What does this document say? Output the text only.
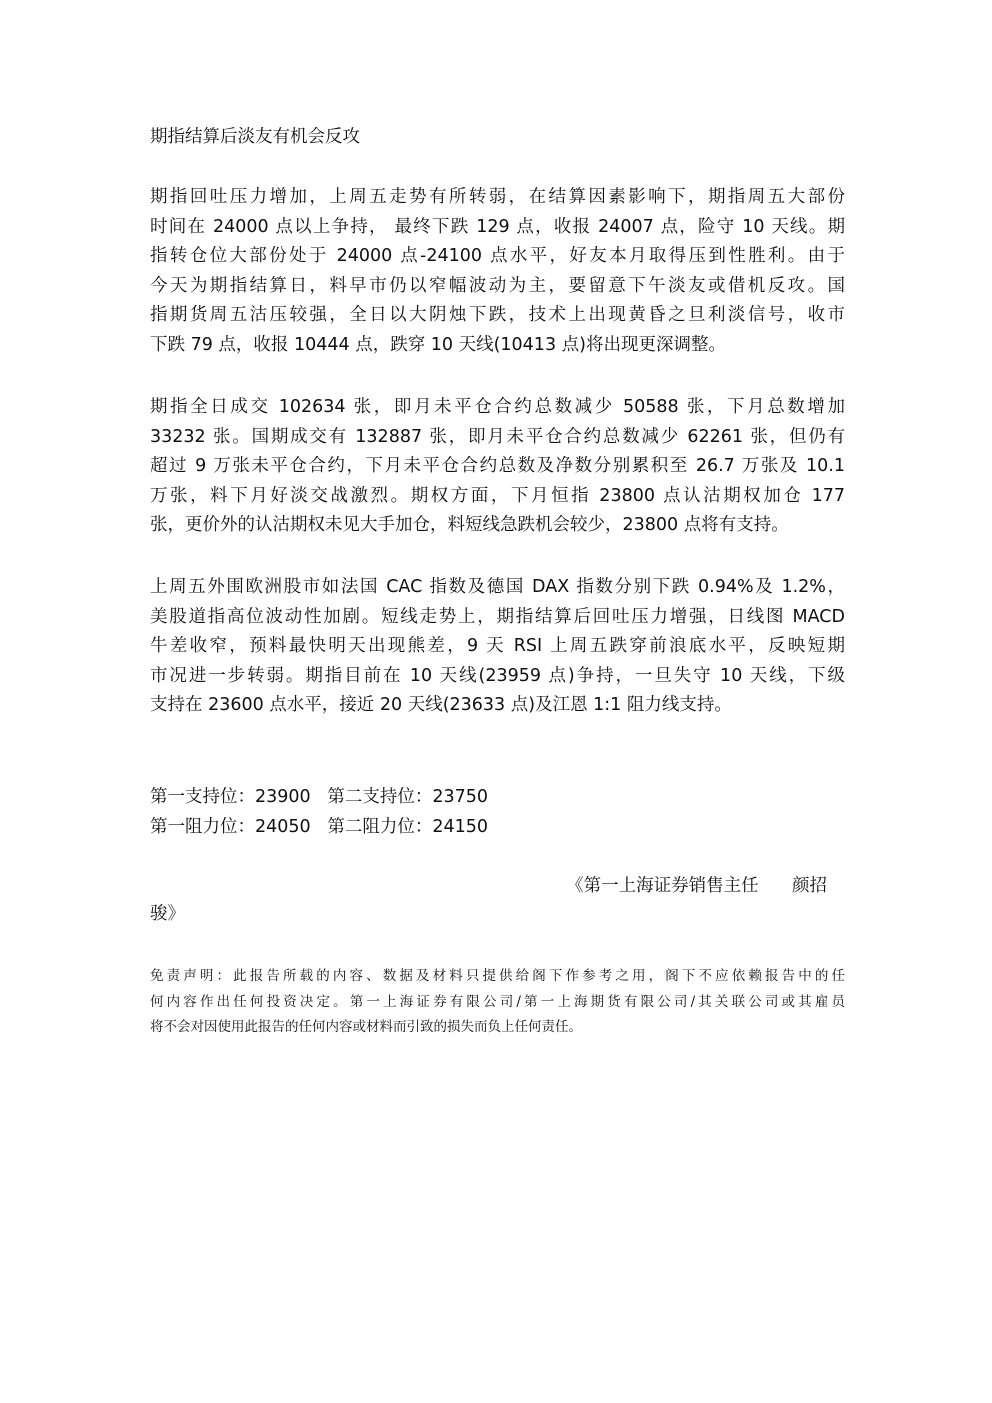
期指结算后淡友有机会反攻
期指回吐压力增加，上周五走势有所转弱，在结算因素影响下，期指周五大部份
时间在 24000 点以上争持， 最终下跌 129 点，收报 24007 点，险守 10 天线。期
指转仓位大部份处于 24000 点-24100 点水平，好友本月取得压到性胜利。由于
今天为期指结算日，料早市仍以窄幅波动为主，要留意下午淡友或借机反攻。国
指期货周五沽压较强，全日以大阴烛下跌，技术上出现黄昏之旦利淡信号，收市
下跌 79 点，收报 10444 点，跌穿 10 天线(10413 点)将出现更深调整。
期指全日成交 102634 张，即月未平仓合约总数减少 50588 张，下月总数增加
33232 张。国期成交有 132887 张，即月未平仓合约总数减少 62261 张，但仍有
超过 9 万张未平仓合约，下月未平仓合约总数及净数分别累积至 26.7 万张及 10.1
万张，料下月好淡交战激烈。期权方面，下月恒指 23800 点认沽期权加仓 177
张，更价外的认沽期权未见大手加仓，料短线急跌机会较少，23800 点将有支持。
上周五外围欧洲股市如法国 CAC 指数及德国 DAX 指数分别下跌 0.94%及 1.2%，
美股道指高位波动性加剧。短线走势上，期指结算后回吐压力增强，日线图 MACD
牛差收窄，预料最快明天出现熊差，9 天 RSI 上周五跌穿前浪底水平，反映短期
市况进一步转弱。期指目前在 10 天线(23959 点)争持，一旦失守 10 天线，下级
支持在 23600 点水平，接近 20 天线(23633 点)及江恩 1:1 阻力线支持。
第一支持位：23900   第二支持位：23750
第一阻力位：24050   第二阻力位：24150
《第一上海证券销售主任      颜招
骏》
免责声明：此报告所载的内容、数据及材料只提供给阁下作参考之用，阁下不应依赖报告中的任
何内容作出任何投资决定。第一上海证券有限公司/第一上海期货有限公司/其关联公司或其雇员
将不会对因使用此报告的任何内容或材料而引致的损失而负上任何责任。
